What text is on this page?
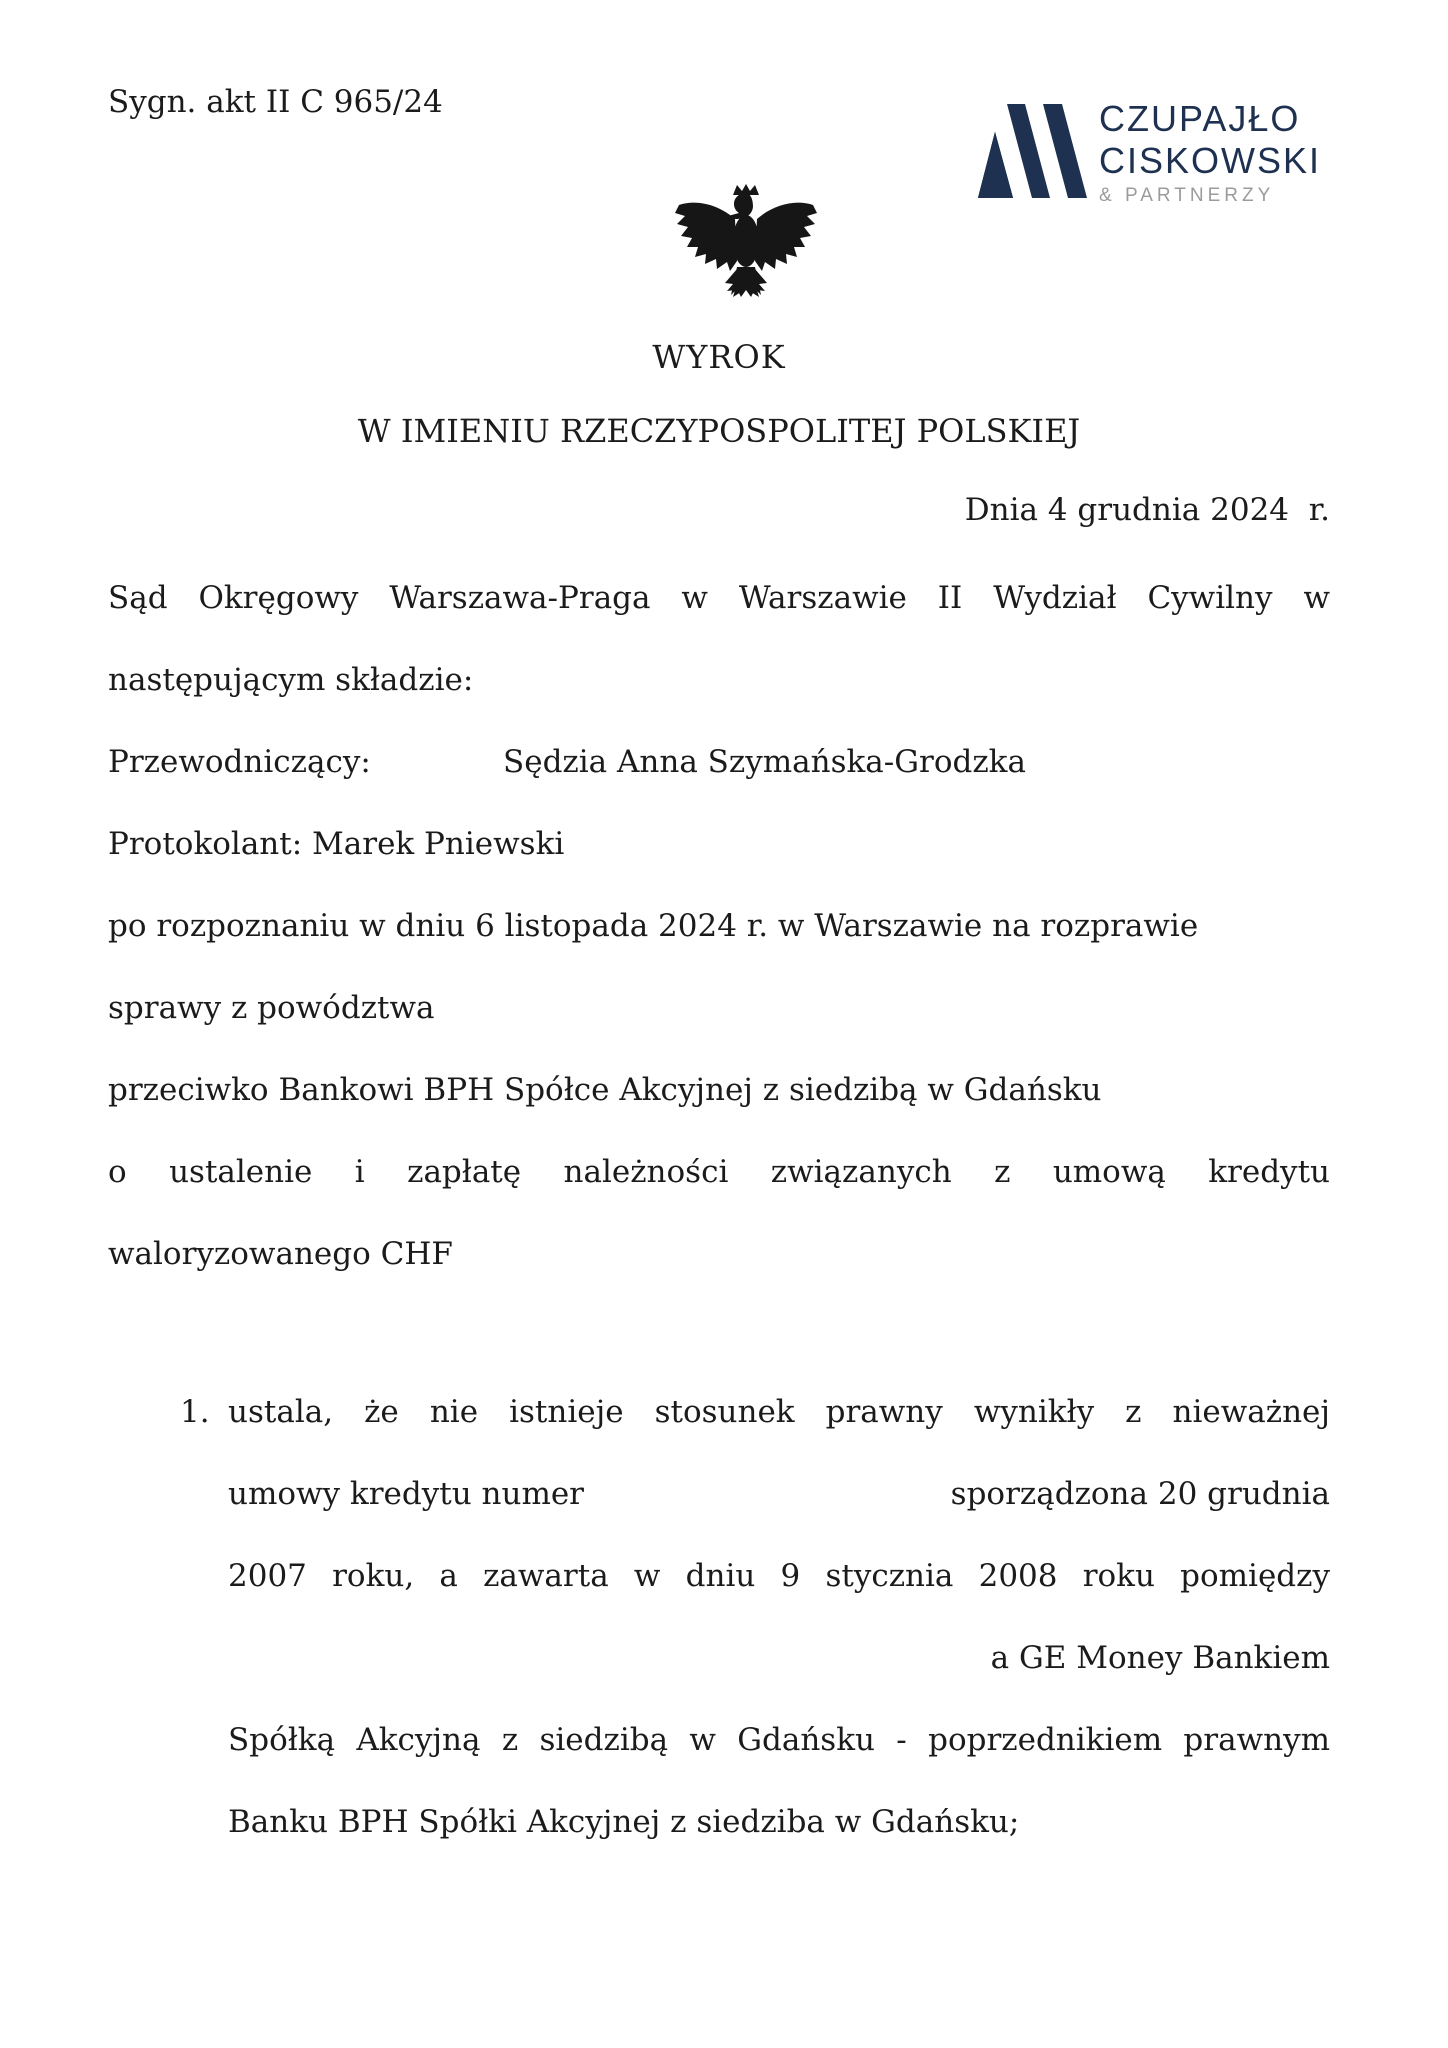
Sygn. akt II C 965/24	CZUPAJŁO
CISKOWSKI
& PARTNERZY
WYROK
W IMIENIU RZECZYPOSPOLITEJ POLSKIEJ
Dnia 4 grudnia 2024  r.
Sąd Okręgowy Warszawa-Praga w Warszawie II Wydział Cywilny w
następującym składzie:
Przewodniczący:	Sędzia Anna Szymańska-Grodzka
Protokolant: Marek Pniewski
po rozpoznaniu w dniu 6 listopada 2024 r. w Warszawie na rozprawie
sprawy z powództwa
przeciwko Bankowi BPH Spółce Akcyjnej z siedzibą w Gdańsku
o ustalenie i zapłatę należności związanych z umową kredytu
waloryzowanego CHF
1. ustala, że nie istnieje stosunek prawny wynikły z nieważnej
umowy kredytu numer	sporządzona 20 grudnia
2007 roku, a zawarta w dniu 9 stycznia 2008 roku pomiędzy
a GE Money Bankiem
Spółką Akcyjną z siedzibą w Gdańsku - poprzednikiem prawnym
Banku BPH Spółki Akcyjnej z siedziba w Gdańsku;
